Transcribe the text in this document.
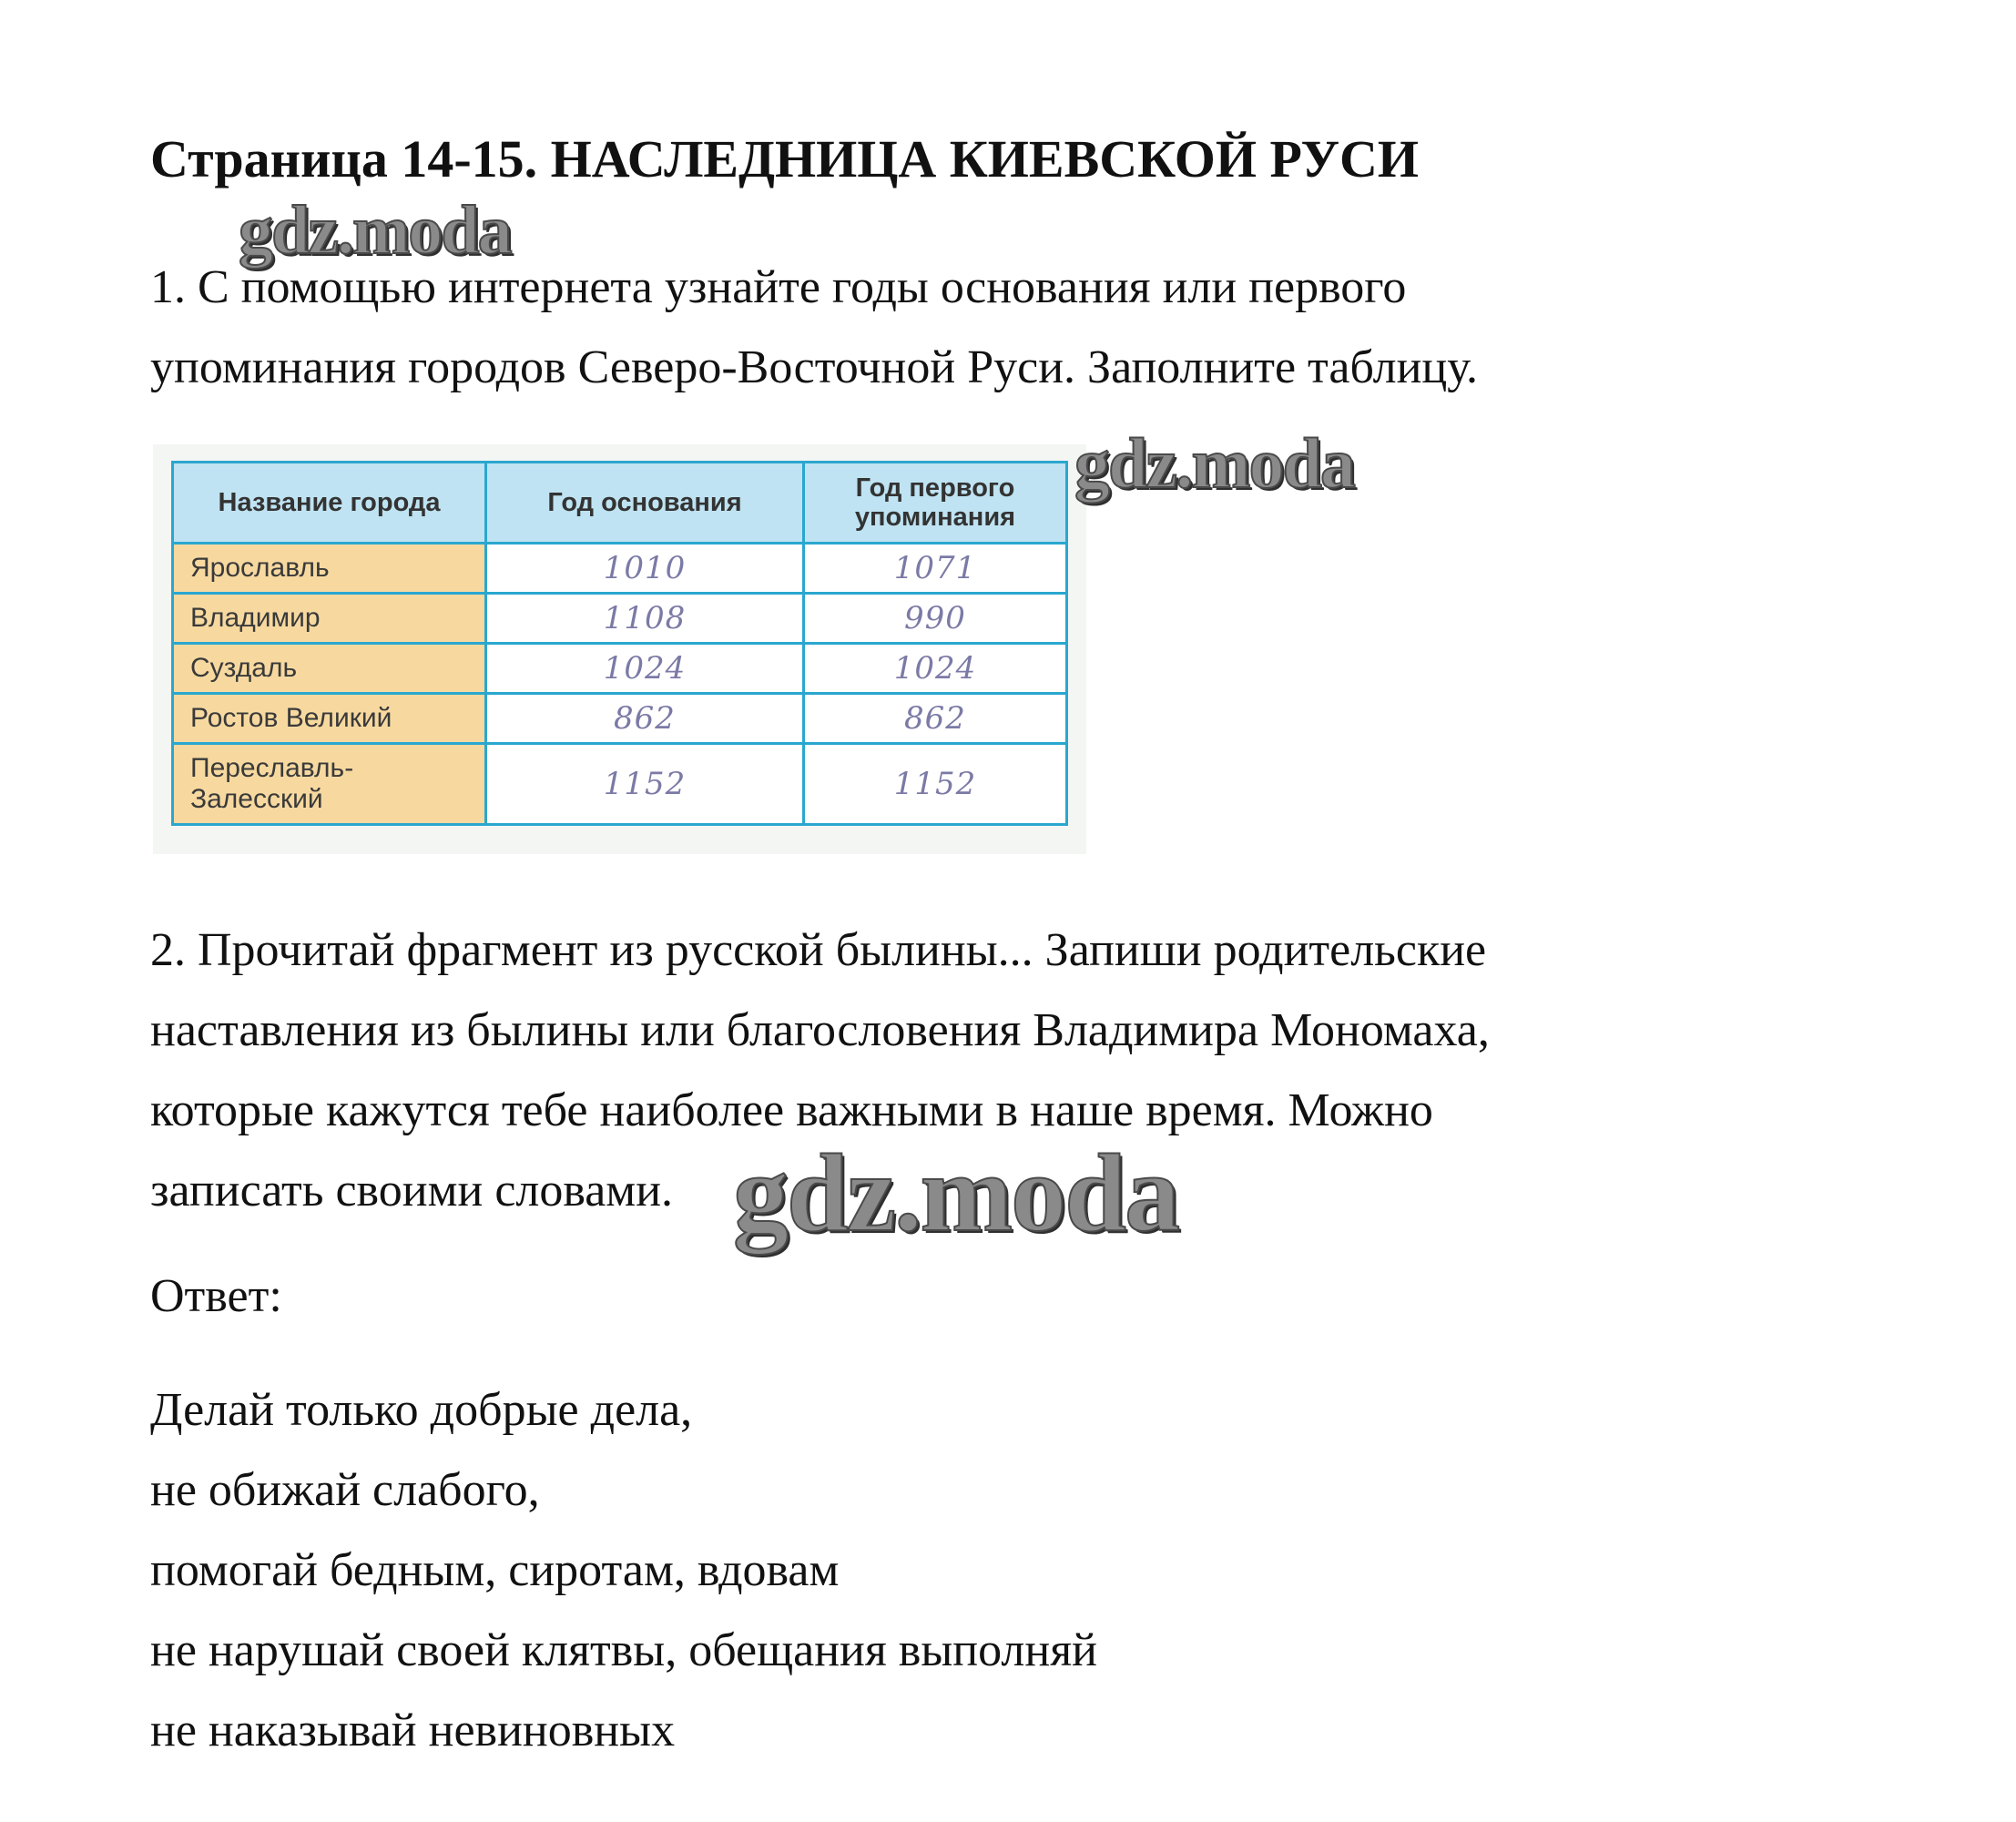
Страница 14-15. НАСЛЕДНИЦА КИЕВСКОЙ РУСИ

1. С помощью интернета узнайте годы основания или первого
упоминания городов Северо-Восточной Руси. Заполните таблицу.

Название города	Год основания	Год первого упоминания
Ярославль	1010	1071
Владимир	1108	990
Суздаль	1024	1024
Ростов Великий	862	862
Переславль-Залесский	1152	1152

2. Прочитай фрагмент из русской былины... Запиши родительские
наставления из былины или благословения Владимира Мономаха,
которые кажутся тебе наиболее важными в наше время. Можно
записать своими словами.

Ответ:

Делай только добрые дела,
не обижай слабого,
помогай бедным, сиротам, вдовам
не нарушай своей клятвы, обещания выполняй
не наказывай невиновных

gdz.moda
gdz.moda
gdz.moda
